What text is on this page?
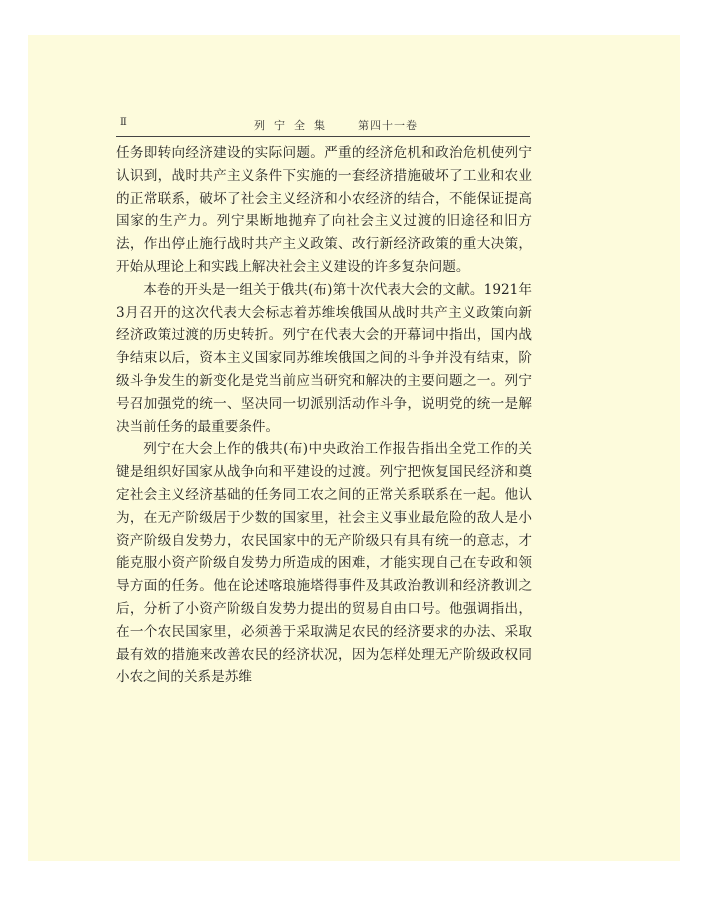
Ⅱ	列宁全集 第四十一卷

任务即转向经济建设的实际问题。严重的经济危机和政治危机使列宁认识到，战时共产主义条件下实施的一套经济措施破坏了工业和农业的正常联系，破坏了社会主义经济和小农经济的结合，不能保证提高国家的生产力。列宁果断地抛弃了向社会主义过渡的旧途径和旧方法，作出停止施行战时共产主义政策、改行新经济政策的重大决策，开始从理论上和实践上解决社会主义建设的许多复杂问题。

本卷的开头是一组关于俄共(布)第十次代表大会的文献。1921年3月召开的这次代表大会标志着苏维埃俄国从战时共产主义政策向新经济政策过渡的历史转折。列宁在代表大会的开幕词中指出，国内战争结束以后，资本主义国家同苏维埃俄国之间的斗争并没有结束，阶级斗争发生的新变化是党当前应当研究和解决的主要问题之一。列宁号召加强党的统一、坚决同一切派别活动作斗争，说明党的统一是解决当前任务的最重要条件。

列宁在大会上作的俄共(布)中央政治工作报告指出全党工作的关键是组织好国家从战争向和平建设的过渡。列宁把恢复国民经济和奠定社会主义经济基础的任务同工农之间的正常关系联系在一起。他认为，在无产阶级居于少数的国家里，社会主义事业最危险的敌人是小资产阶级自发势力，农民国家中的无产阶级只有具有统一的意志，才能克服小资产阶级自发势力所造成的困难，才能实现自己在专政和领导方面的任务。他在论述喀琅施塔得事件及其政治教训和经济教训之后，分析了小资产阶级自发势力提出的贸易自由口号。他强调指出，在一个农民国家里，必须善于采取满足农民的经济要求的办法、采取最有效的措施来改善农民的经济状况，因为怎样处理无产阶级政权同小农之间的关系是苏维
